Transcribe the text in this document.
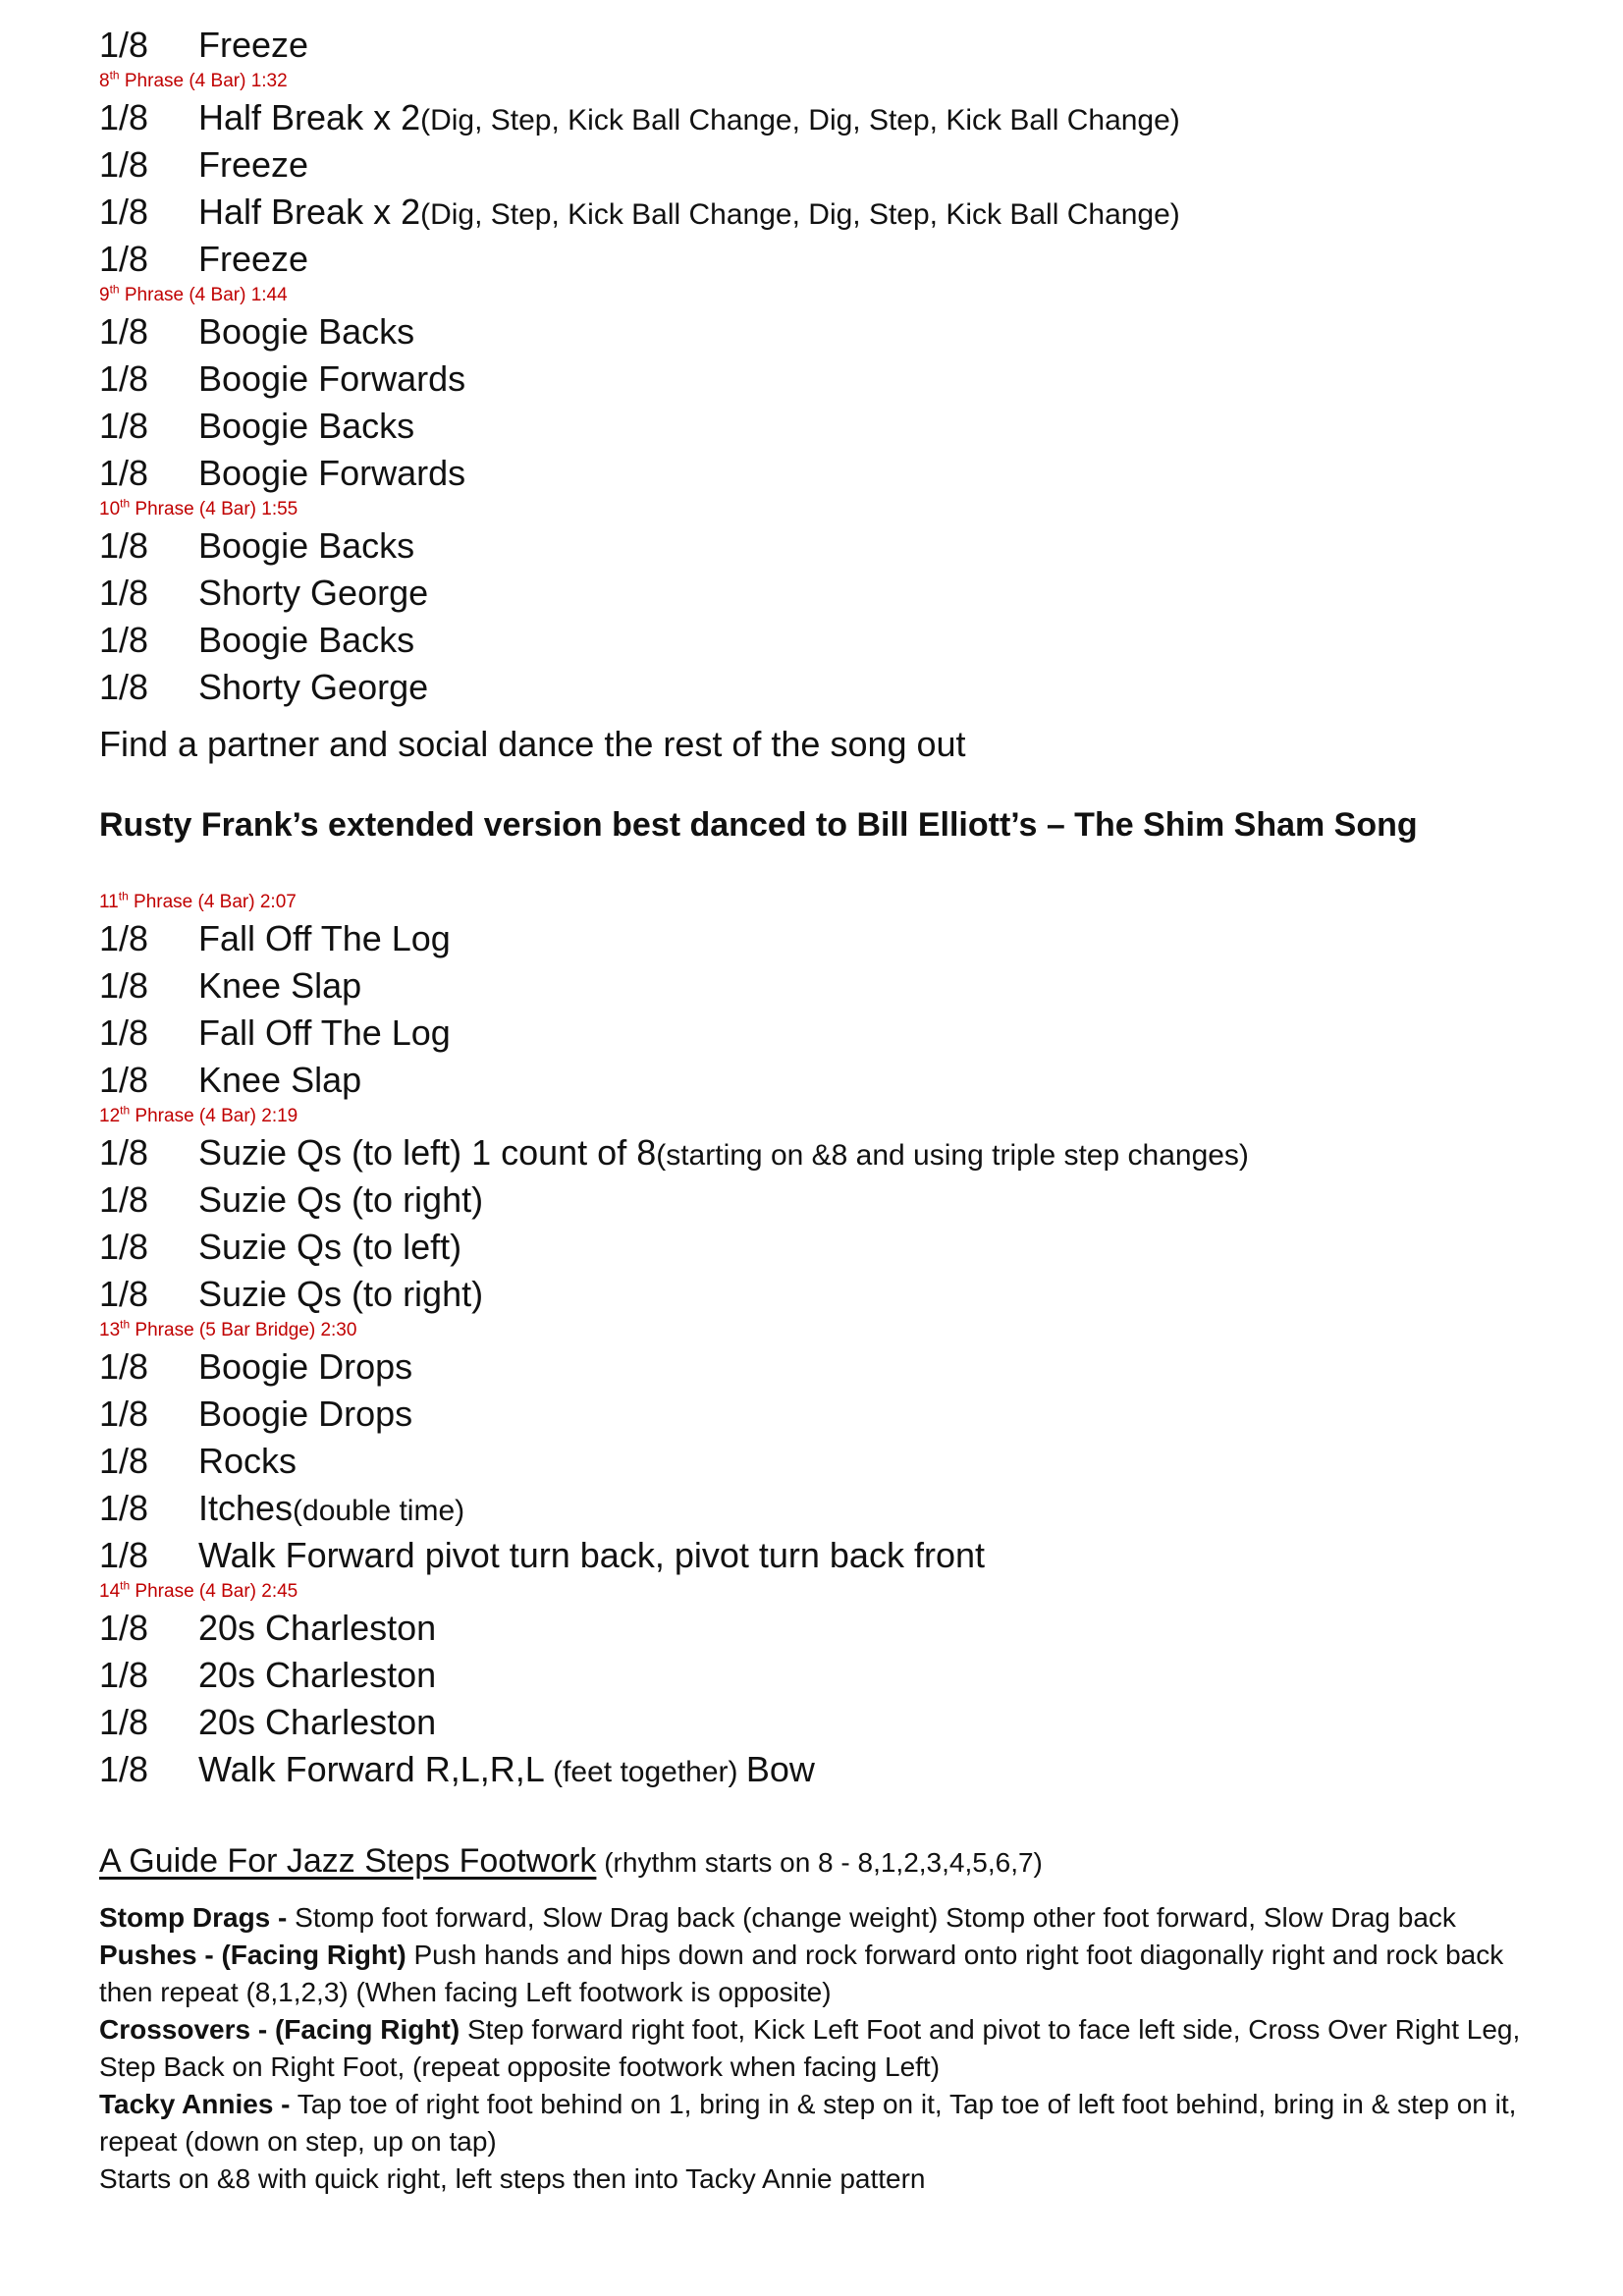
1/8	Freeze
8th Phrase (4 Bar) 1:32
1/8	Half Break x 2 (Dig, Step, Kick Ball Change, Dig, Step, Kick Ball Change)
1/8	Freeze
1/8	Half Break x 2 (Dig, Step, Kick Ball Change, Dig, Step, Kick Ball Change)
1/8	Freeze
9th Phrase (4 Bar) 1:44
1/8	Boogie Backs
1/8	Boogie Forwards
1/8	Boogie Backs
1/8	Boogie Forwards
10th Phrase (4 Bar) 1:55
1/8	Boogie Backs
1/8	Shorty George
1/8	Boogie Backs
1/8	Shorty George
Find a partner and social dance the rest of the song out
Rusty Frank’s extended version best danced to Bill Elliott’s – The Shim Sham Song
11th Phrase (4 Bar) 2:07
1/8	Fall Off The Log
1/8	Knee Slap
1/8	Fall Off The Log
1/8	Knee Slap
12th Phrase (4 Bar) 2:19
1/8	Suzie Qs (to left) 1 count of 8 (starting on &8 and using triple step changes)
1/8	Suzie Qs (to right)
1/8	Suzie Qs (to left)
1/8	Suzie Qs (to right)
13th Phrase (5 Bar Bridge) 2:30
1/8	Boogie Drops
1/8	Boogie Drops
1/8	Rocks
1/8	Itches (double time)
1/8	Walk Forward pivot turn back, pivot turn back front
14th Phrase (4 Bar) 2:45
1/8	20s Charleston
1/8	20s Charleston
1/8	20s Charleston
1/8	Walk Forward R,L,R,L (feet together) Bow
A Guide For Jazz Steps Footwork (rhythm starts on 8 - 8,1,2,3,4,5,6,7)

Stomp Drags - Stomp foot forward, Slow Drag back (change weight) Stomp other foot forward, Slow Drag back

Pushes - (Facing Right) Push hands and hips down and rock forward onto right foot diagonally right and rock back then repeat (8,1,2,3) (When facing Left footwork is opposite)

Crossovers - (Facing Right) Step forward right foot, Kick Left Foot and pivot to face left side, Cross Over Right Leg, Step Back on Right Foot, (repeat opposite footwork when facing Left)

Tacky Annies - Tap toe of right foot behind on 1, bring in & step on it, Tap toe of left foot behind, bring in & step on it, repeat (down on step, up on tap)

Starts on &8 with quick right, left steps then into Tacky Annie pattern
